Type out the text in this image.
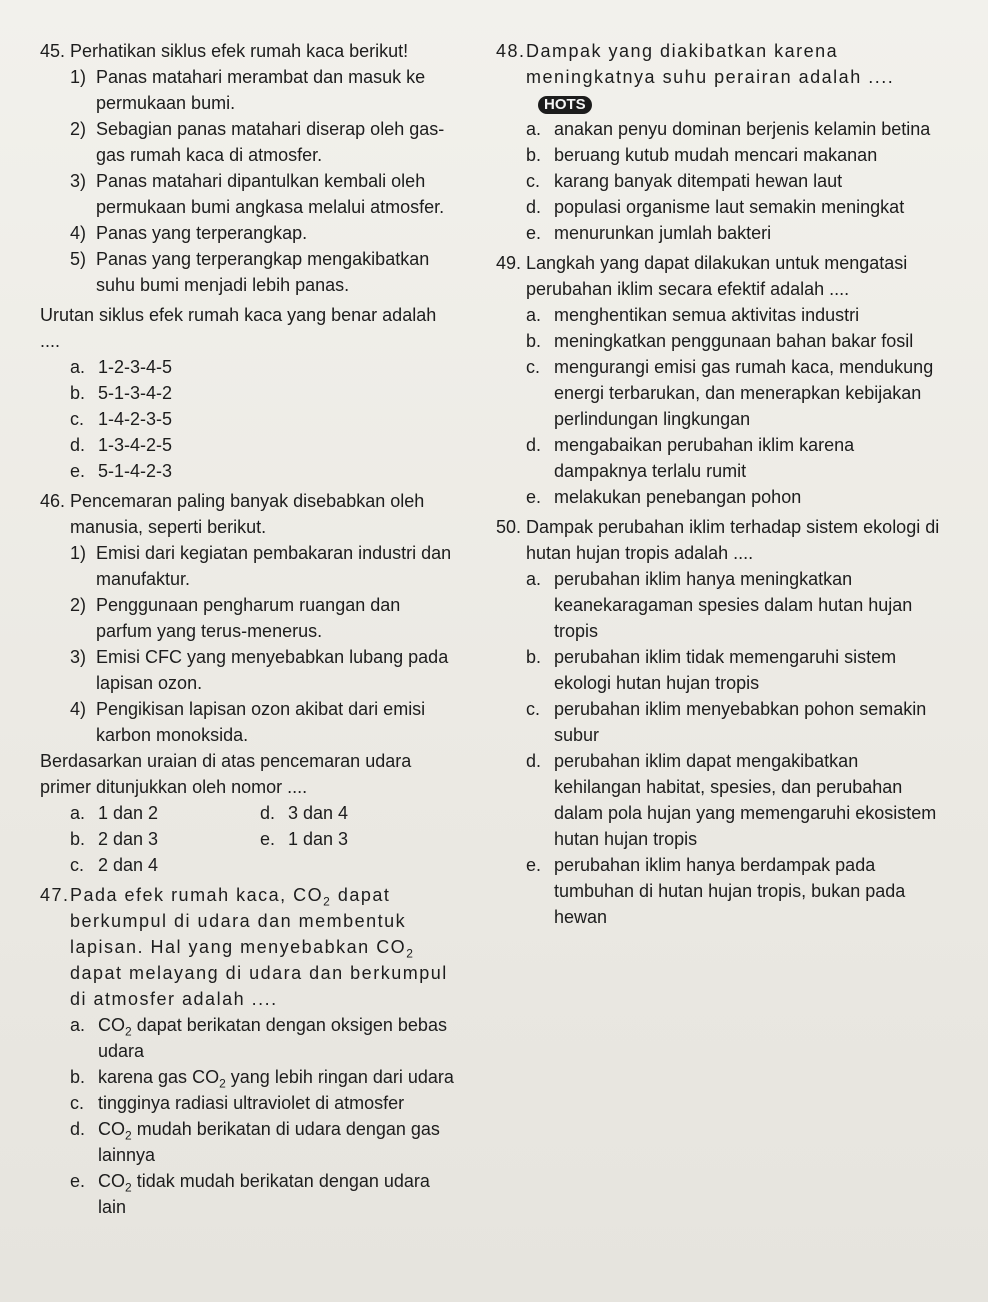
45. Perhatikan siklus efek rumah kaca berikut!
1) Panas matahari merambat dan masuk ke permukaan bumi.
2) Sebagian panas matahari diserap oleh gas-gas rumah kaca di atmosfer.
3) Panas matahari dipantulkan kembali oleh permukaan bumi angkasa melalui atmosfer.
4) Panas yang terperangkap.
5) Panas yang terperangkap mengakibatkan suhu bumi menjadi lebih panas.
Urutan siklus efek rumah kaca yang benar adalah ....
a. 1-2-3-4-5
b. 5-1-3-4-2
c. 1-4-2-3-5
d. 1-3-4-2-5
e. 5-1-4-2-3
46. Pencemaran paling banyak disebabkan oleh manusia, seperti berikut.
1) Emisi dari kegiatan pembakaran industri dan manufaktur.
2) Penggunaan pengharum ruangan dan parfum yang terus-menerus.
3) Emisi CFC yang menyebabkan lubang pada lapisan ozon.
4) Pengikisan lapisan ozon akibat dari emisi karbon monoksida.
Berdasarkan uraian di atas pencemaran udara primer ditunjukkan oleh nomor ....
a. 1 dan 2	d. 3 dan 4
b. 2 dan 3	e. 1 dan 3
c. 2 dan 4
47. Pada efek rumah kaca, $CO_2$ dapat berkumpul di udara dan membentuk lapisan. Hal yang menyebabkan $CO_2$ dapat melayang di udara dan berkumpul di atmosfer adalah ....
a. $CO_2$ dapat berikatan dengan oksigen bebas udara
b. karena gas $CO_2$ yang lebih ringan dari udara
c. tingginya radiasi ultraviolet di atmosfer
d. $CO_2$ mudah berikatan di udara dengan gas lainnya
e. $CO_2$ tidak mudah berikatan dengan udara lain
48. Dampak yang diakibatkan karena meningkatnya suhu perairan adalah ....
HOTS
a. anakan penyu dominan berjenis kelamin betina
b. beruang kutub mudah mencari makanan
c. karang banyak ditempati hewan laut
d. populasi organisme laut semakin meningkat
e. menurunkan jumlah bakteri
49. Langkah yang dapat dilakukan untuk mengatasi perubahan iklim secara efektif adalah ....
a. menghentikan semua aktivitas industri
b. meningkatkan penggunaan bahan bakar fosil
c. mengurangi emisi gas rumah kaca, mendukung energi terbarukan, dan menerapkan kebijakan perlindungan lingkungan
d. mengabaikan perubahan iklim karena dampaknya terlalu rumit
e. melakukan penebangan pohon
50. Dampak perubahan iklim terhadap sistem ekologi di hutan hujan tropis adalah ....
a. perubahan iklim hanya meningkatkan keanekaragaman spesies dalam hutan hujan tropis
b. perubahan iklim tidak memengaruhi sistem ekologi hutan hujan tropis
c. perubahan iklim menyebabkan pohon semakin subur
d. perubahan iklim dapat mengakibatkan kehilangan habitat, spesies, dan perubahan dalam pola hujan yang memengaruhi ekosistem hutan hujan tropis
e. perubahan iklim hanya berdampak pada tumbuhan di hutan hujan tropis, bukan pada hewan
